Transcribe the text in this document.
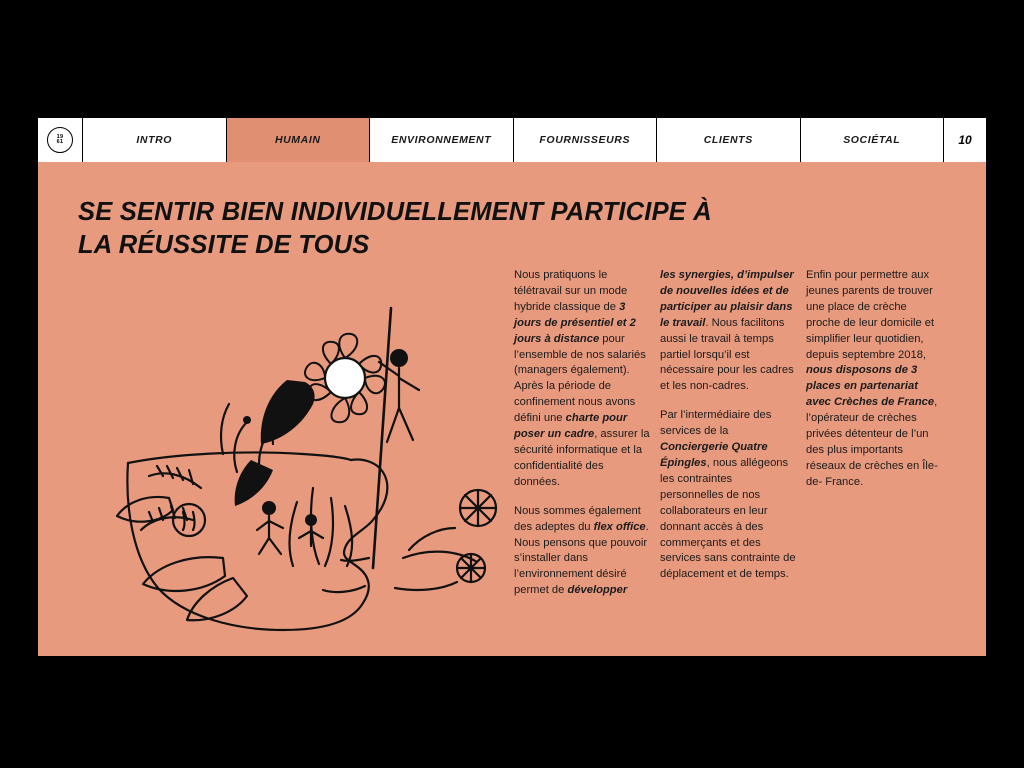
19
61	INTRO	HUMAIN	ENVIRONNEMENT	FOURNISSEURS	CLIENTS	SOCIÉTAL	10
SE SENTIR BIEN INDIVIDUELLEMENT PARTICIPE À LA RÉUSSITE DE TOUS

Nous pratiquons le télétravail sur un mode hybride classique de 3 jours de présentiel et 2 jours à distance pour l’ensemble de nos salariés (managers également). Après la période de confinement nous avons défini une charte pour poser un cadre, assurer la sécurité informatique et la confidentialité des données.

Nous sommes également des adeptes du flex office. Nous pensons que pouvoir s’installer dans l’environnement désiré permet de développer

les synergies, d’impulser de nouvelles idées et de participer au plaisir dans le travail. Nous facilitons aussi le travail à temps partiel lorsqu’il est nécessaire pour les cadres et les non-cadres.

Par l’intermédiaire des services de la Conciergerie Quatre Épingles, nous allégeons les contraintes personnelles de nos collaborateurs en leur donnant accès à des commerçants et des services sans contrainte de déplacement et de temps.

Enfin pour permettre aux jeunes parents de trouver une place de crèche proche de leur domicile et simplifier leur quotidien, depuis septembre 2018, nous disposons de 3 places en partenariat avec Crèches de France, l’opérateur de crèches privées détenteur de l’un des plus importants réseaux de crèches en Île-de- France.
